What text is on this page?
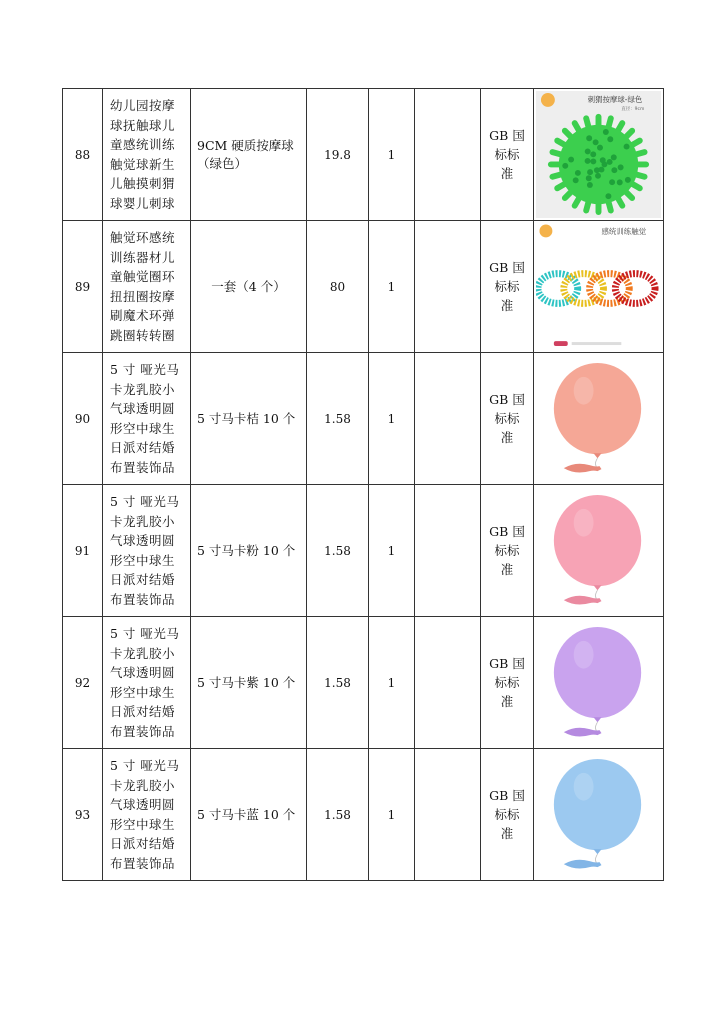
88	幼儿园按摩球抚触球儿童感统训练触觉球新生儿触摸刺猬球婴儿刺球	9CM 硬质按摩球（绿色）	19.8	1		GB 国标标准	刺猬按摩球-绿色
直径：9cm

89	触觉环感统训练器材儿童触觉圈环扭扭圈按摩刷魔术环弹跳圈转转圈	一套（4 个）	80	1		GB 国标标准	感统训练触觉

90	5 寸 哑光马卡龙乳胶小气球透明圆形空中球生日派对结婚布置装饰品	5 寸马卡桔 10 个	1.58	1		GB 国标标准	

91	5 寸 哑光马卡龙乳胶小气球透明圆形空中球生日派对结婚布置装饰品	5 寸马卡粉 10 个	1.58	1		GB 国标标准	

92	5 寸 哑光马卡龙乳胶小气球透明圆形空中球生日派对结婚布置装饰品	5 寸马卡紫 10 个	1.58	1		GB 国标标准	

93	5 寸 哑光马卡龙乳胶小气球透明圆形空中球生日派对结婚布置装饰品	5 寸马卡蓝 10 个	1.58	1		GB 国标标准	
